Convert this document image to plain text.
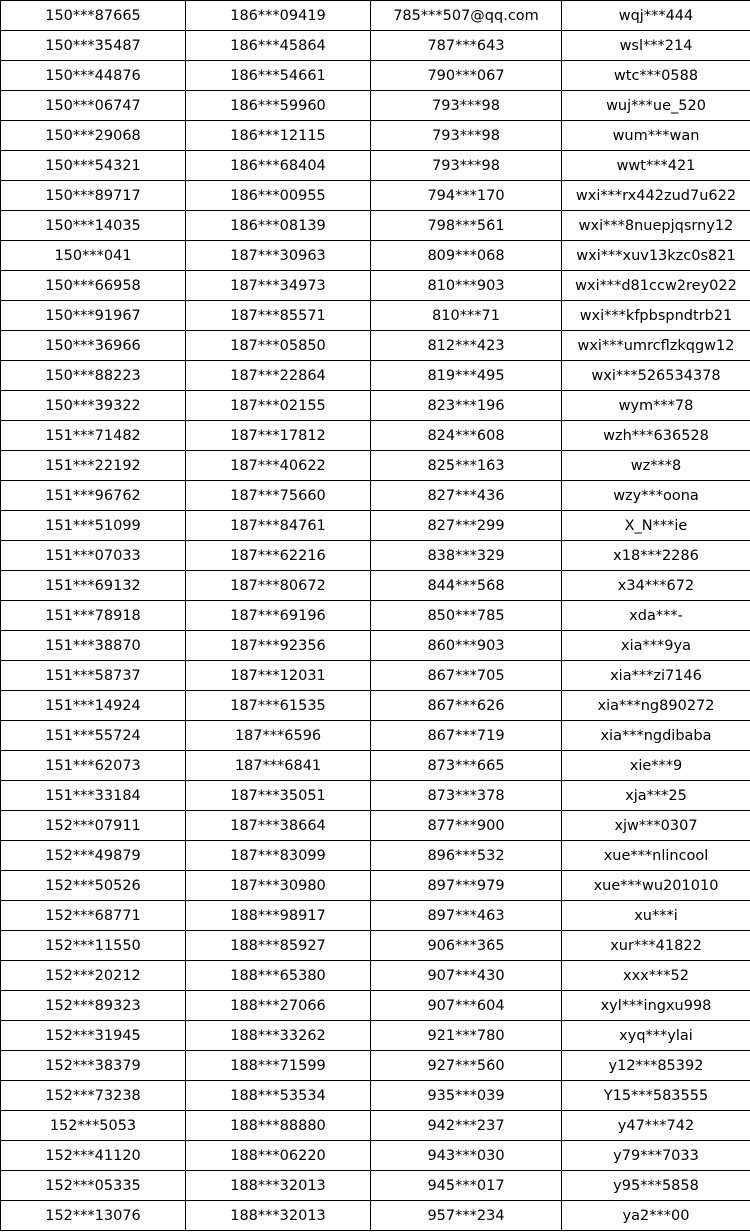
150***87665	186***09419	785***507@qq.com	wqj***444
150***35487	186***45864	787***643	wsl***214
150***44876	186***54661	790***067	wtc***0588
150***06747	186***59960	793***98	wuj***ue_520
150***29068	186***12115	793***98	wum***wan
150***54321	186***68404	793***98	wwt***421
150***89717	186***00955	794***170	wxi***rx442zud7u622
150***14035	186***08139	798***561	wxi***8nuepjqsrny12
150***041	187***30963	809***068	wxi***xuv13kzc0s821
150***66958	187***34973	810***903	wxi***d81ccw2rey022
150***91967	187***85571	810***71	wxi***kfpbspndtrb21
150***36966	187***05850	812***423	wxi***umrcflzkqgw12
150***88223	187***22864	819***495	wxi***526534378
150***39322	187***02155	823***196	wym***78
151***71482	187***17812	824***608	wzh***636528
151***22192	187***40622	825***163	wz***8
151***96762	187***75660	827***436	wzy***oona
151***51099	187***84761	827***299	X_N***ie
151***07033	187***62216	838***329	x18***2286
151***69132	187***80672	844***568	x34***672
151***78918	187***69196	850***785	xda***-
151***38870	187***92356	860***903	xia***9ya
151***58737	187***12031	867***705	xia***zi7146
151***14924	187***61535	867***626	xia***ng890272
151***55724	187***6596	867***719	xia***ngdibaba
151***62073	187***6841	873***665	xie***9
151***33184	187***35051	873***378	xja***25
152***07911	187***38664	877***900	xjw***0307
152***49879	187***83099	896***532	xue***nlincool
152***50526	187***30980	897***979	xue***wu201010
152***68771	188***98917	897***463	xu***i
152***11550	188***85927	906***365	xur***41822
152***20212	188***65380	907***430	xxx***52
152***89323	188***27066	907***604	xyl***ingxu998
152***31945	188***33262	921***780	xyq***ylai
152***38379	188***71599	927***560	y12***85392
152***73238	188***53534	935***039	Y15***583555
152***5053	188***88880	942***237	y47***742
152***41120	188***06220	943***030	y79***7033
152***05335	188***32013	945***017	y95***5858
152***13076	188***32013	957***234	ya2***00
